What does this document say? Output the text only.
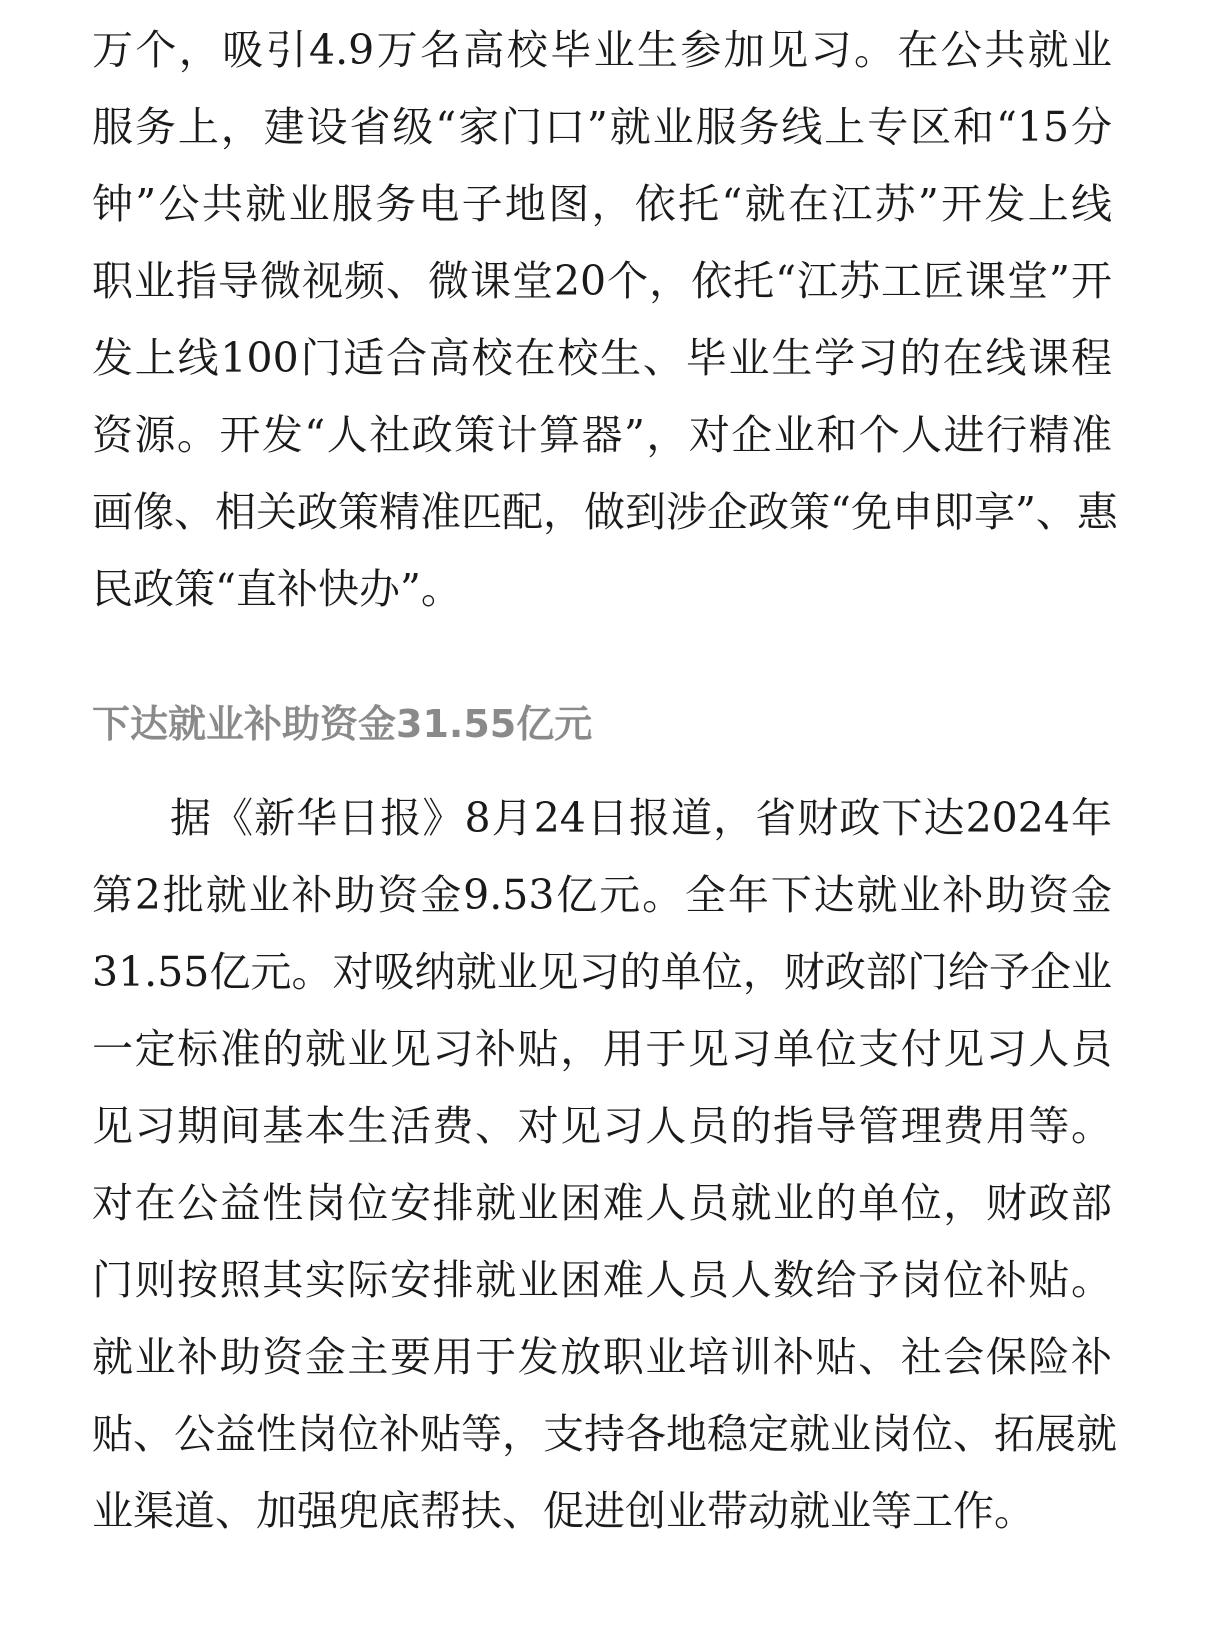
万个，吸引4.9万名高校毕业生参加见习。在公共就业
服务上，建设省级“家门口”就业服务线上专区和“15分
钟”公共就业服务电子地图，依托“就在江苏”开发上线
职业指导微视频、微课堂20个，依托“江苏工匠课堂”开
发上线100门适合高校在校生、毕业生学习的在线课程
资源。开发“人社政策计算器”，对企业和个人进行精准
画像、相关政策精准匹配，做到涉企政策“免申即享”、惠
民政策“直补快办”。
下达就业补助资金31.55亿元
据《新华日报》8月24日报道，省财政下达2024年
第2批就业补助资金9.53亿元。全年下达就业补助资金
31.55亿元。对吸纳就业见习的单位，财政部门给予企业
一定标准的就业见习补贴，用于见习单位支付见习人员
见习期间基本生活费、对见习人员的指导管理费用等。
对在公益性岗位安排就业困难人员就业的单位，财政部
门则按照其实际安排就业困难人员人数给予岗位补贴。
就业补助资金主要用于发放职业培训补贴、社会保险补
贴、公益性岗位补贴等，支持各地稳定就业岗位、拓展就
业渠道、加强兜底帮扶、促进创业带动就业等工作。
